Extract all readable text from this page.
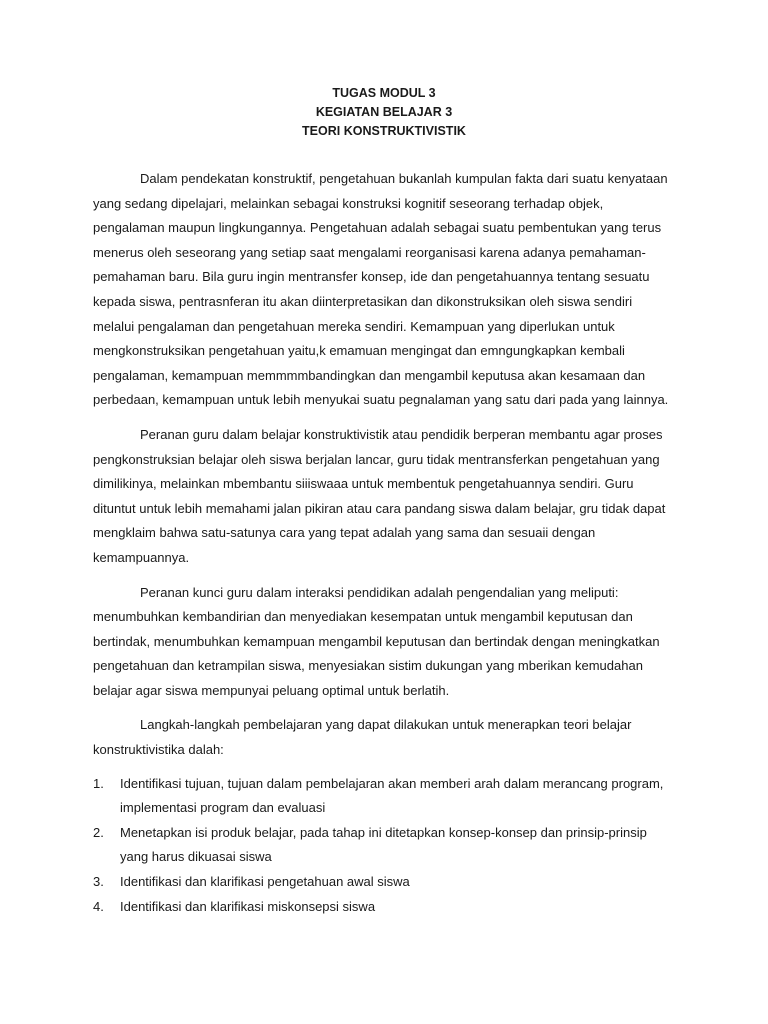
TUGAS MODUL 3
KEGIATAN BELAJAR 3
TEORI KONSTRUKTIVISTIK

Dalam pendekatan konstruktif, pengetahuan bukanlah kumpulan fakta dari suatu kenyataan yang sedang dipelajari, melainkan sebagai konstruksi kognitif seseorang terhadap objek, pengalaman maupun lingkungannya. Pengetahuan adalah sebagai suatu pembentukan yang terus menerus oleh seseorang yang setiap saat mengalami reorganisasi karena adanya pemahaman-pemahaman baru. Bila guru ingin mentransfer konsep, ide dan pengetahuannya tentang sesuatu kepada siswa, pentrasnferan itu akan diinterpretasikan dan dikonstruksikan oleh siswa sendiri melalui pengalaman dan pengetahuan mereka sendiri. Kemampuan yang diperlukan untuk mengkonstruksikan pengetahuan yaitu,k emamuan mengingat dan emngungkapkan kembali pengalaman, kemampuan memmmmbandingkan dan mengambil keputusa akan kesamaan dan perbedaan, kemampuan untuk lebih menyukai suatu pegnalaman yang satu dari pada yang lainnya.

Peranan guru dalam belajar konstruktivistik atau pendidik berperan membantu agar proses pengkonstruksian belajar oleh siswa berjalan lancar, guru tidak mentransferkan pengetahuan yang dimilikinya, melainkan mbembantu siiiswaaa untuk membentuk pengetahuannya sendiri. Guru dituntut untuk lebih memahami jalan pikiran atau cara pandang siswa dalam belajar, gru tidak dapat mengklaim bahwa satu-satunya cara yang tepat adalah yang sama dan sesuaii dengan kemampuannya.

Peranan kunci guru dalam interaksi pendidikan adalah pengendalian yang meliputi: menumbuhkan kembandirian dan menyediakan kesempatan untuk mengambil keputusan dan bertindak, menumbuhkan kemampuan mengambil keputusan dan bertindak dengan meningkatkan pengetahuan dan ketrampilan siswa, menyesiakan sistim dukungan yang mberikan kemudahan belajar agar siswa mempunyai peluang optimal untuk berlatih.

Langkah-langkah pembelajaran yang dapat dilakukan untuk menerapkan teori belajar konstruktivistika dalah:

1. Identifikasi tujuan, tujuan dalam pembelajaran akan memberi arah dalam merancang program, implementasi program dan evaluasi
2. Menetapkan isi produk belajar, pada tahap ini ditetapkan konsep-konsep dan prinsip-prinsip yang harus dikuasai siswa
3. Identifikasi dan klarifikasi pengetahuan awal siswa
4. Identifikasi dan klarifikasi miskonsepsi siswa
